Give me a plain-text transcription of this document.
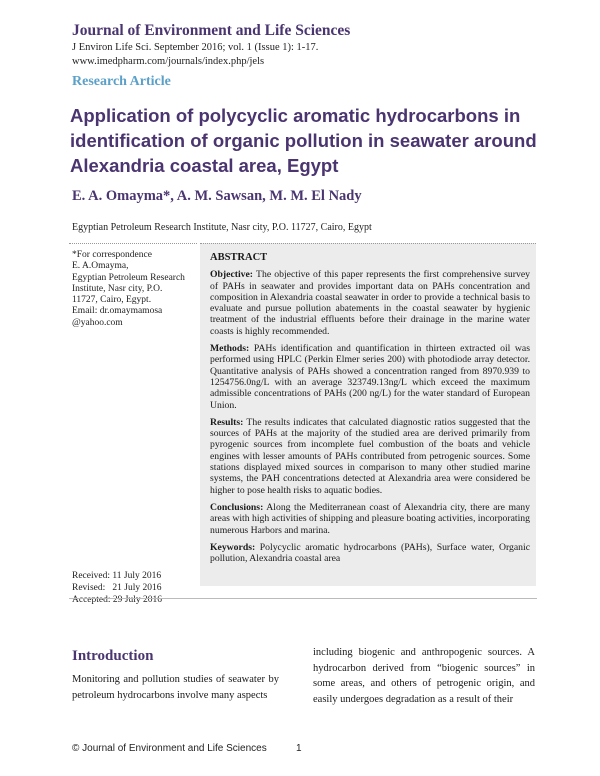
Journal of Environment and Life Sciences
J Environ Life Sci. September 2016; vol. 1 (Issue 1): 1-17.
www.imedpharm.com/journals/index.php/jels
Research Article
Application of polycyclic aromatic hydrocarbons in identification of organic pollution in seawater around Alexandria coastal area, Egypt
E. A. Omayma*, A. M. Sawsan, M. M. El Nady
Egyptian Petroleum Research Institute, Nasr city, P.O. 11727, Cairo, Egypt
*For correspondence
E. A.Omayma,
Egyptian Petroleum Research
Institute, Nasr city, P.O.
11727, Cairo, Egypt.
Email: dr.omaymamosa
@yahoo.com
Received: 11 July 2016
Revised:   21 July 2016
Accepted: 29 July 2016
ABSTRACT

Objective: The objective of this paper represents the first comprehensive survey of PAHs in seawater and provides important data on PAHs concentration and composition in Alexandria coastal seawater in order to provide a technical basis to evaluate and pursue pollution abatements in the coastal seawater by hygienic treatment of the industrial effluents before their drainage in the marine water coasts is highly recommended.

Methods: PAHs identification and quantification in thirteen extracted oil was performed using HPLC (Perkin Elmer series 200) with photodiode array detector. Quantitative analysis of PAHs showed a concentration ranged from 8970.939 to 1254756.0ng/L with an average 323749.13ng/L which exceed the maximum admissible concentrations of PAHs (200 ng/L) for the water standard of European Union.

Results: The results indicates that calculated diagnostic ratios suggested that the sources of PAHs at the majority of the studied area are derived primarily from pyrogenic sources from incomplete fuel combustion of the boats and vehicle engines with lesser amounts of PAHs contributed from petrogenic sources. Some stations displayed mixed sources in comparison to many other studied marine systems, the PAH concentrations detected at Alexandria area were considered be higher to pose health risks to aquatic bodies.

Conclusions: Along the Mediterranean coast of Alexandria city, there are many areas with high activities of shipping and pleasure boating activities, incorporating numerous Harbors and marina.

Keywords: Polycyclic aromatic hydrocarbons (PAHs), Surface water, Organic pollution, Alexandria coastal area

Introduction

Monitoring and pollution studies of seawater by petroleum hydrocarbons involve many aspects

including biogenic and anthropogenic sources. A hydrocarbon derived from “biogenic sources” in some areas, and others of petrogenic origin, and easily undergoes degradation as a result of their

© Journal of Environment and Life Sciences	1
